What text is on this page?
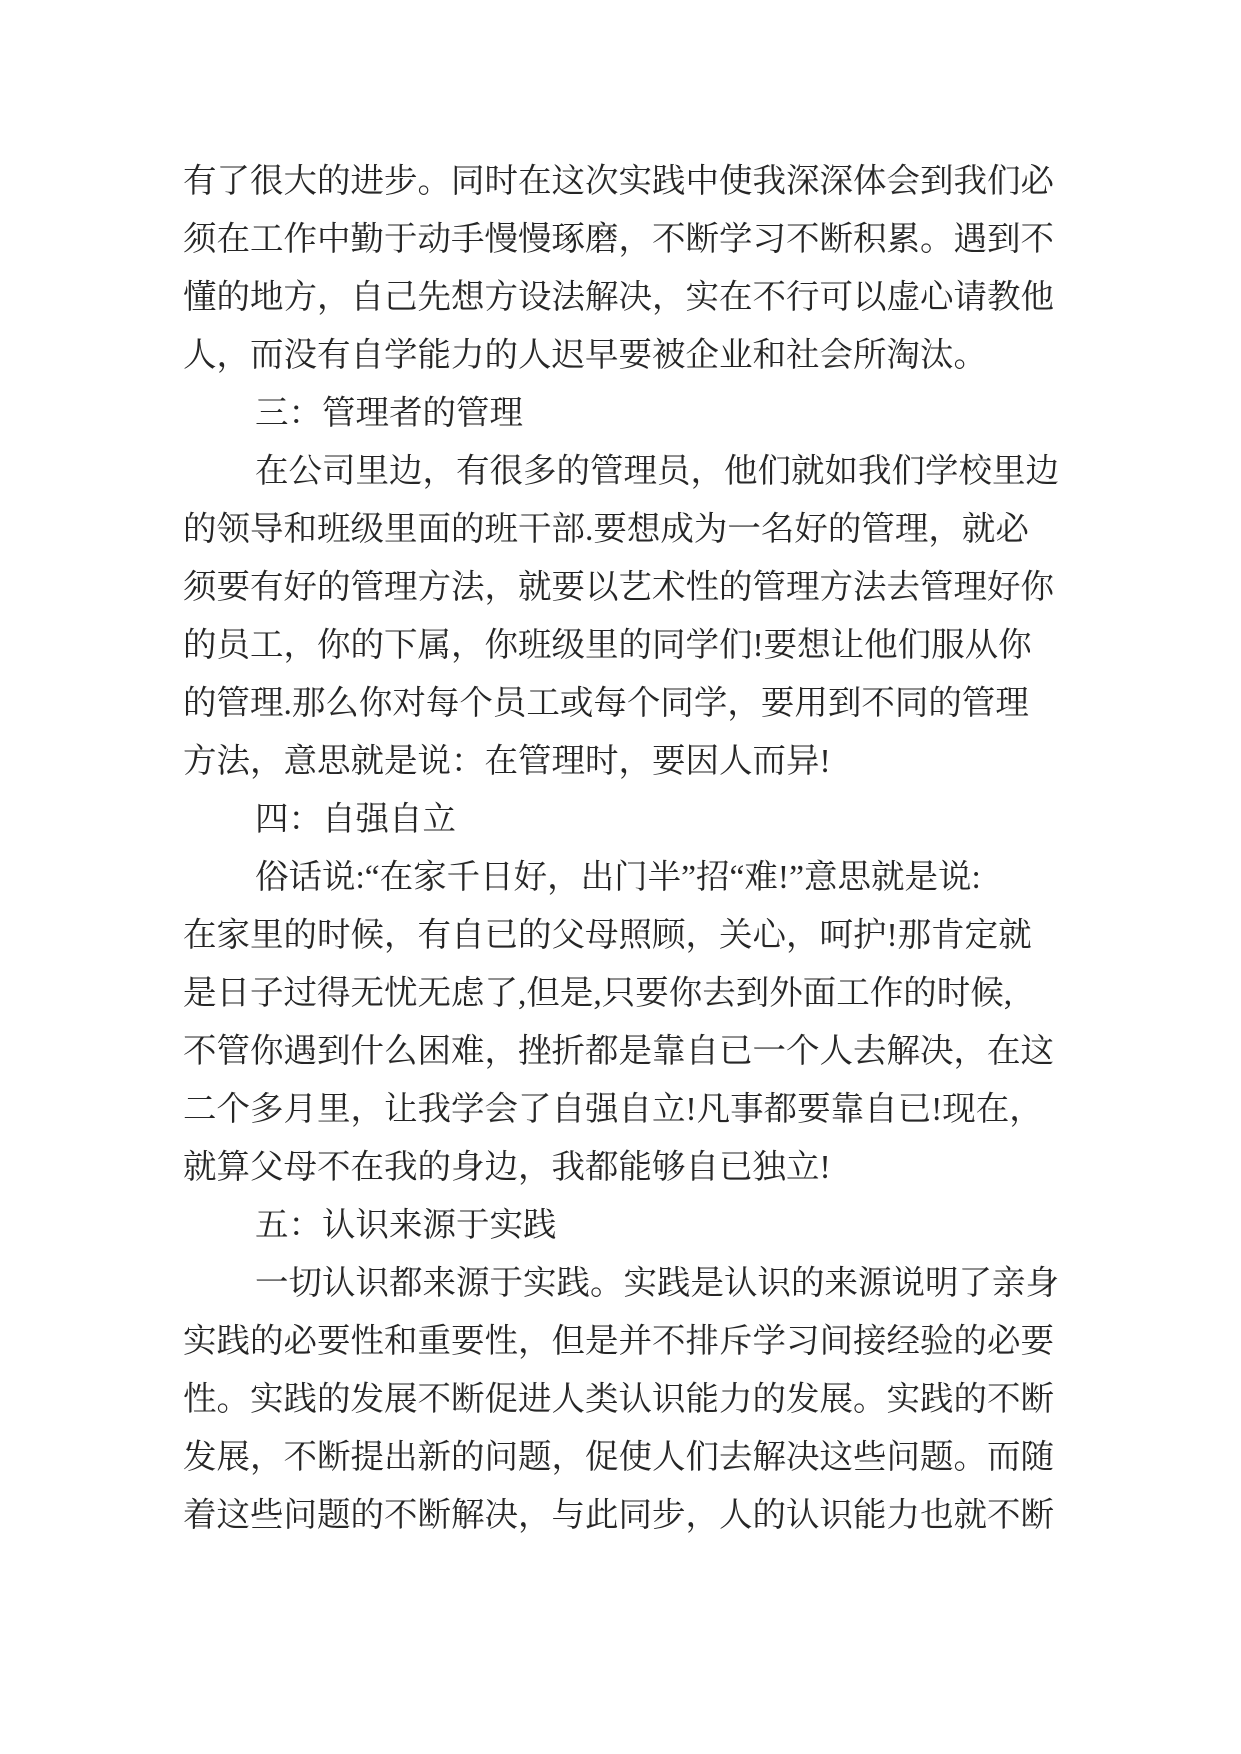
有了很大的进步。同时在这次实践中使我深深体会到我们必
须在工作中勤于动手慢慢琢磨，不断学习不断积累。遇到不
懂的地方，自己先想方设法解决，实在不行可以虚心请教他
人，而没有自学能力的人迟早要被企业和社会所淘汰。
三：管理者的管理
在公司里边，有很多的管理员，他们就如我们学校里边
的领导和班级里面的班干部.要想成为一名好的管理，就必
须要有好的管理方法，就要以艺术性的管理方法去管理好你
的员工，你的下属，你班级里的同学们!要想让他们服从你
的管理.那么你对每个员工或每个同学，要用到不同的管理
方法，意思就是说：在管理时，要因人而异!
四：自强自立
俗话说:“在家千日好，出门半”招“难!”意思就是说:
在家里的时候，有自已的父母照顾，关心，呵护!那肯定就
是日子过得无忧无虑了,但是,只要你去到外面工作的时候,
不管你遇到什么困难，挫折都是靠自已一个人去解决，在这
二个多月里，让我学会了自强自立!凡事都要靠自已!现在，
就算父母不在我的身边，我都能够自已独立!
五：认识来源于实践
一切认识都来源于实践。实践是认识的来源说明了亲身
实践的必要性和重要性，但是并不排斥学习间接经验的必要
性。实践的发展不断促进人类认识能力的发展。实践的不断
发展，不断提出新的问题，促使人们去解决这些问题。而随
着这些问题的不断解决，与此同步，人的认识能力也就不断
